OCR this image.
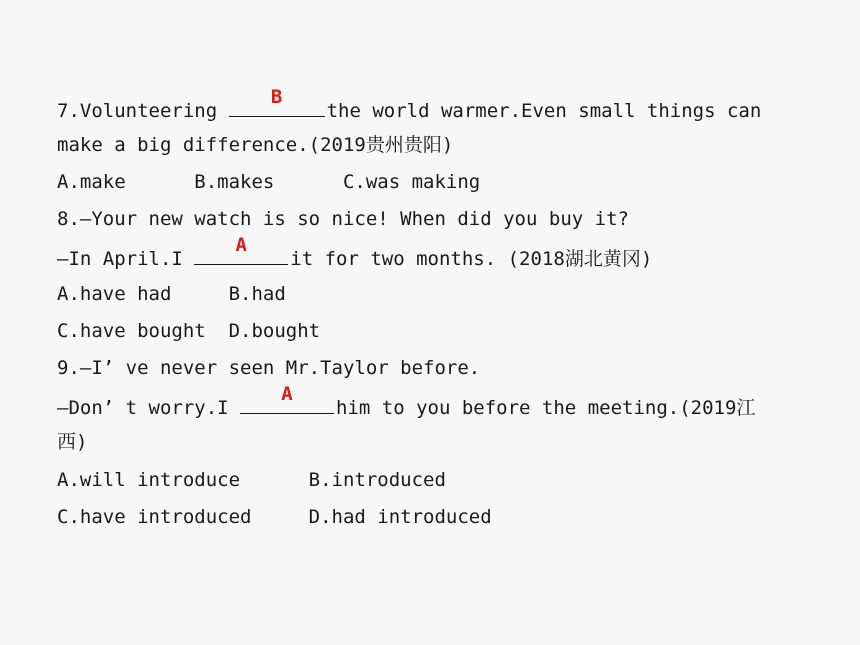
7.Volunteering
B
the world warmer.Even small things can
make a big difference.(2019贵州贵阳)
A.make      B.makes      C.was making
8.—Your new watch is so nice! When did you buy it?
—In April.I
A
it for two months. (2018湖北黄冈)
A.have had     B.had
C.have bought  D.bought
9.—I’ ve never seen Mr.Taylor before.
—Don’ t worry.I
A
him to you before the meeting.(2019江
西)
A.will introduce      B.introduced
C.have introduced     D.had introduced
